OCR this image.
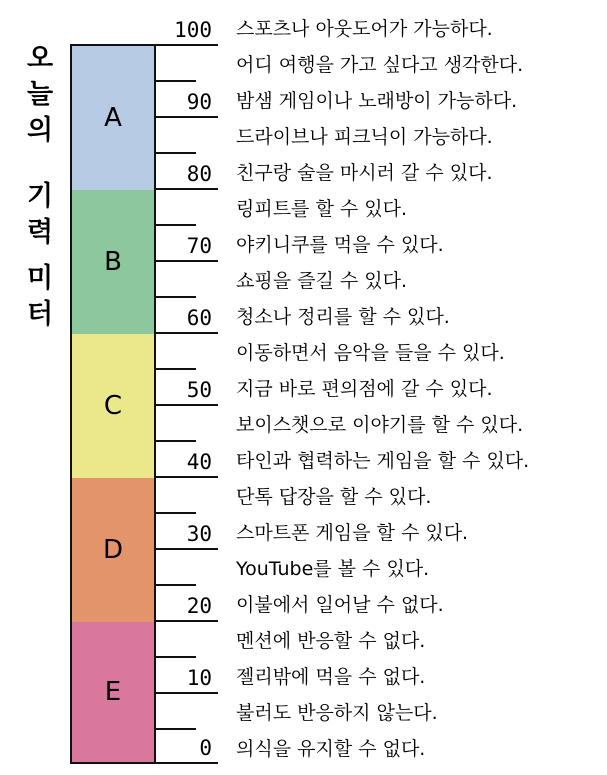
오
늘
의
기
력
미
터
A
B
C
D
E
100
90
80
70
60
50
40
30
20
10
0
스포츠나 아웃도어가 가능하다.
어디 여행을 가고 싶다고 생각한다.
밤샘 게임이나 노래방이 가능하다.
드라이브나 피크닉이 가능하다.
친구랑 술을 마시러 갈 수 있다.
링피트를 할 수 있다.
야키니쿠를 먹을 수 있다.
쇼핑을 즐길 수 있다.
청소나 정리를 할 수 있다.
이동하면서 음악을 들을 수 있다.
지금 바로 편의점에 갈 수 있다.
보이스챗으로 이야기를 할 수 있다.
타인과 협력하는 게임을 할 수 있다.
단톡 답장을 할 수 있다.
스마트폰 게임을 할 수 있다.
YouTube를 볼 수 있다.
이불에서 일어날 수 없다.
멘션에 반응할 수 없다.
젤리밖에 먹을 수 없다.
불러도 반응하지 않는다.
의식을 유지할 수 없다.
